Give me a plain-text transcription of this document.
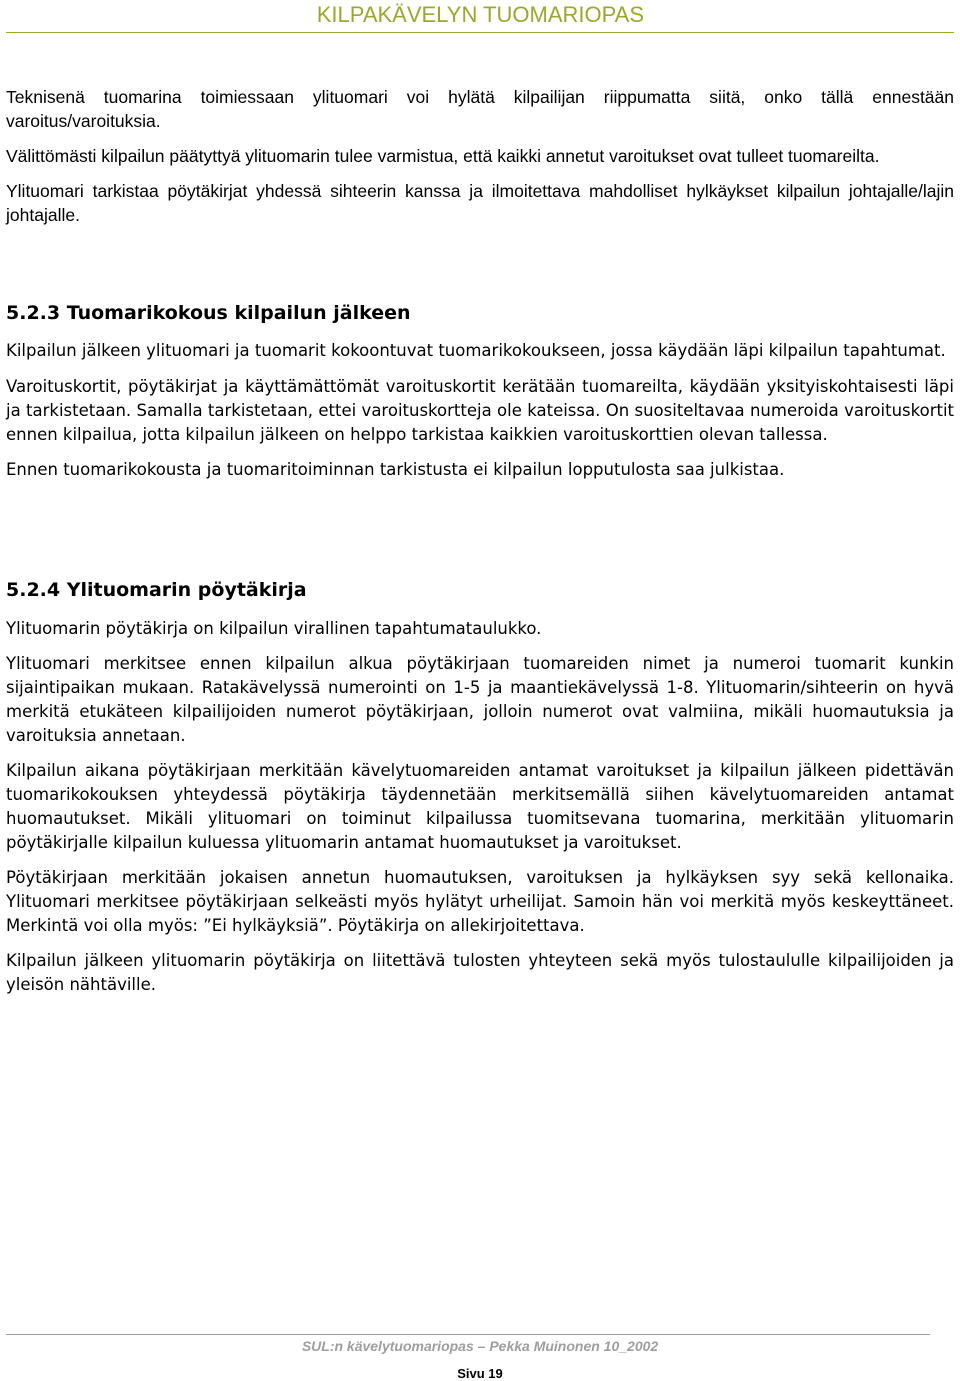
KILPAKÄVELYN TUOMARIOPAS

Teknisenä tuomarina toimiessaan ylituomari voi hylätä kilpailijan riippumatta siitä, onko tällä ennestään varoitus/varoituksia.

Välittömästi kilpailun päätyttyä ylituomarin tulee varmistua, että kaikki annetut varoitukset ovat tulleet tuomareilta.

Ylituomari tarkistaa pöytäkirjat yhdessä sihteerin kanssa ja ilmoitettava mahdolliset hylkäykset kilpailun johtajalle/lajin johtajalle.

5.2.3 Tuomarikokous kilpailun jälkeen

Kilpailun jälkeen ylituomari ja tuomarit kokoontuvat tuomarikokoukseen, jossa käydään läpi kilpailun tapahtumat.

Varoituskortit, pöytäkirjat ja käyttämättömät varoituskortit kerätään tuomareilta, käydään yksityiskohtaisesti läpi ja tarkistetaan. Samalla tarkistetaan, ettei varoituskortteja ole kateissa. On suositeltavaa numeroida varoituskortit ennen kilpailua, jotta kilpailun jälkeen on helppo tarkistaa kaikkien varoituskorttien olevan tallessa.

Ennen tuomarikokousta ja tuomaritoiminnan tarkistusta ei kilpailun lopputulosta saa julkistaa.

5.2.4 Ylituomarin pöytäkirja

Ylituomarin pöytäkirja on kilpailun virallinen tapahtumataulukko.

Ylituomari merkitsee ennen kilpailun alkua pöytäkirjaan tuomareiden nimet ja numeroi tuomarit kunkin sijaintipaikan mukaan. Ratakävelyssä numerointi on 1-5 ja maantiekävelyssä 1-8. Ylituomarin/sihteerin on hyvä merkitä etukäteen kilpailijoiden numerot pöytäkirjaan, jolloin numerot ovat valmiina, mikäli huomautuksia ja varoituksia annetaan.

Kilpailun aikana pöytäkirjaan merkitään kävelytuomareiden antamat varoitukset ja kilpailun jälkeen pidettävän tuomarikokouksen yhteydessä pöytäkirja täydennetään merkitsemällä siihen kävelytuomareiden antamat huomautukset. Mikäli ylituomari on toiminut kilpailussa tuomitsevana tuomarina, merkitään ylituomarin pöytäkirjalle kilpailun kuluessa ylituomarin antamat huomautukset ja varoitukset.

Pöytäkirjaan merkitään jokaisen annetun huomautuksen, varoituksen ja hylkäyksen syy sekä kellonaika. Ylituomari merkitsee pöytäkirjaan selkeästi myös hylätyt urheilijat. Samoin hän voi merkitä myös keskeyttäneet. Merkintä voi olla myös: ”Ei hylkäyksiä”. Pöytäkirja on allekirjoitettava.

Kilpailun jälkeen ylituomarin pöytäkirja on liitettävä tulosten yhteyteen sekä myös tulostaululle kilpailijoiden ja yleisön nähtäville.

SUL:n kävelytuomariopas – Pekka Muinonen 10_2002
Sivu 19
